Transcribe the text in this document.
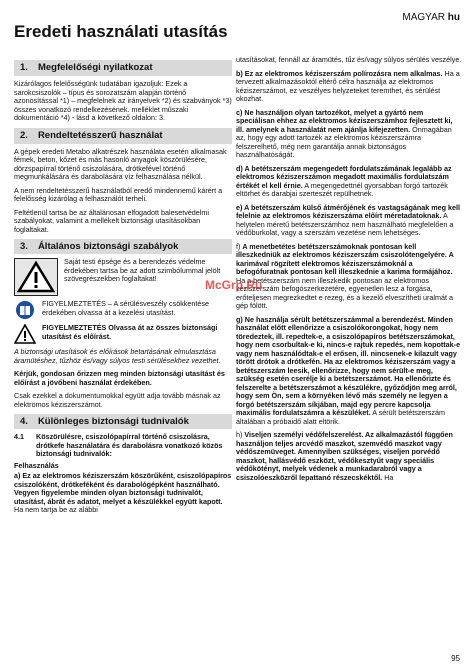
MAGYAR hu
Eredeti használati utasítás
1. Megfelelőségi nyilatkozat
Kizárólagos felelősségünk tudatában igazoljuk: Ezek a sarokcsiszolók – típus és sorozatszám alapján történő azonosítással *1) – megfelelnek az irányelvek *2) és szabványok *3) összes vonatkozó rendelkezésének. melléklet műszaki dokumentáció *4) - lásd a következő oldalon: 3.
2. Rendeltetésszerű használat
A gépek eredeti Metabo alkatrészek használata esetén alkalmasak fémek, beton, kőzet és más hasonló anyagok köszörülésére, dörzspapírral történő csiszolására, drótkefével történő megmunkálására és darabolására víz felhasználása nélkül.
A nem rendeltetésszerű használatból eredő mindennemű kárért a felelősség kizárólag a felhasználót terheli.
Feltétlenül tartsa be az általánosan elfogadott balesetvédelmi szabályokat, valamint a mellékelt biztonsági utasításokban foglaltakat.
3. Általános biztonsági szabályok
Saját testi épsége és a berendezés védelme érdekében tartsa be az adott szimbólummal jelölt szövegrészekben foglaltakat!
FIGYELMEZTETÉS – A sérülésveszély csökkentése érdekében olvassa át a kezelési utasítást.
FIGYELMEZTETÉS Olvassa át az összes biztonsági utasítást és előírást.
A biztonsági utasítások és előírások betartásának elmulasztása áramütéshez, tűzhöz és/vagy súlyos testi sérülésekhez vezethet.
Kérjük, gondosan őrizzen meg minden biztonsági utasítást és előírást a jövőbeni használat érdekében.
Csak ezekkel a dokumentumokkal együtt adja tovább másnak az elektromos kéziszerszámot.
4. Különleges biztonsági tudnivalók
4.1 Köszörülésre, csiszolópapírral történő csiszolásra, drótkefe használatára és darabolásra vonatkozó közös biztonsági tudnivalók:
Felhasználás
a) Ez az elektromos kéziszerszám köszörűként, csiszolópapíros csiszolóként, drótkeféként és darabológépként használható. Vegyen figyelembe minden olyan biztonsági tudnivalót, utasítást, ábrát és adatot, melyet a készülékkel együtt kapott. Ha nem tartja be az alábbi
utasításokat, fennáll az áramütés, tűz és/vagy súlyos sérülés veszélye.
b) Ez az elektromos kéziszerszám polírozásra nem alkalmas. Ha a tervezett alkalmazásoktól eltérő célra használja az elektromos kéziszerszámot, ez veszélyes helyzeteket teremthet, és sérülést okozhat.
c) Ne használjon olyan tartozékot, melyet a gyártó nem speciálisan ehhez az elektromos kéziszerszámhoz fejlesztett ki, ill. amelynek a használatát nem ajánlja kifejezetten. Önmagában az, hogy egy adott tartozék az elektromos kéziszerszámra felszerelhető, még nem garantálja annak biztonságos használhatóságát.
d) A betétszerszám megengedett fordulatszámának legalább az elektromos kéziszerszámon megadott maximális fordulatszám értékét el kell érnie. A megengedettnél gyorsabban forgó tartozék eltörhet és darabjai szerteszét repülhetnek.
e) A betétszerszám külső átmérőjének és vastagságának meg kell felelnie az elektromos kéziszerszáma előírt méretadatoknak. A helytelen méretű betétszerszámhoz nem használható megfelelően a védőburkolat, vagy a szerszám vezetése nem lehetséges.
f) A menetbetétes betétszerszámoknak pontosan kell illeszkedniük az elektromos kéziszerszám csiszolótengelyére. A karimával rögzített elektromos kéziszerszámoknál a befogófuratnak pontosan kell illeszkednie a karima formájához. Ha a betétszerszám nem illeszkedik pontosan az elektromos kéziszerszám befogószerkezetére, egyenetlen lesz a forgása, erőteljesen megrezkedtet e rezeg, és a kezelő elveszítheti uralmát a gép fölött.
g) Ne használja sérült betétszerszámmal a berendezést. Minden használat előtt ellenőrizze a csiszolókorongokat, hogy nem töredeztek, ill. repedtek-e, a csiszolópapíros betétszerszámokat, hogy nem csorbultak-e ki, nincs-e rajtuk repedés, nem kopottak-e vagy nem használódtak-e el erősen, ill. nincsenek-e kilazult vagy törött drótok a drótkefén. Ha az elektromos kéziszerszám vagy a betétszerszám leesik, ellenőrizze, hogy nem sérült-e meg, szükség esetén cserélje ki a betétszerszámot. Ha ellenőrizte és felszerelte a betétszerszámot a készülékre, győződjön meg arról, hogy sem Ön, sem a környéken lévő más személy ne legyen a forgó betétszerszám síkjában, majd egy percre kapcsolja maximális fordulatszámra a készüléket. A sérült betétszerszám általában a próbaidő alatt eltörik.
h) Viseljen személyi védőfelszerelést. Az alkalmazástól függően használjon teljes arcvédő maszkot, szemvédő maszkot vagy védőszemüveget. Amennyiben szükséges, viseljen porvédő maszkot, hallásvédő eszközt, védőkesztyűt vagy speciális védőkötényt, melyek védenek a munkadarabról vagy a csiszolóeszközről lepattanó részecskéktől. Ha
McGrp.Ru
95
